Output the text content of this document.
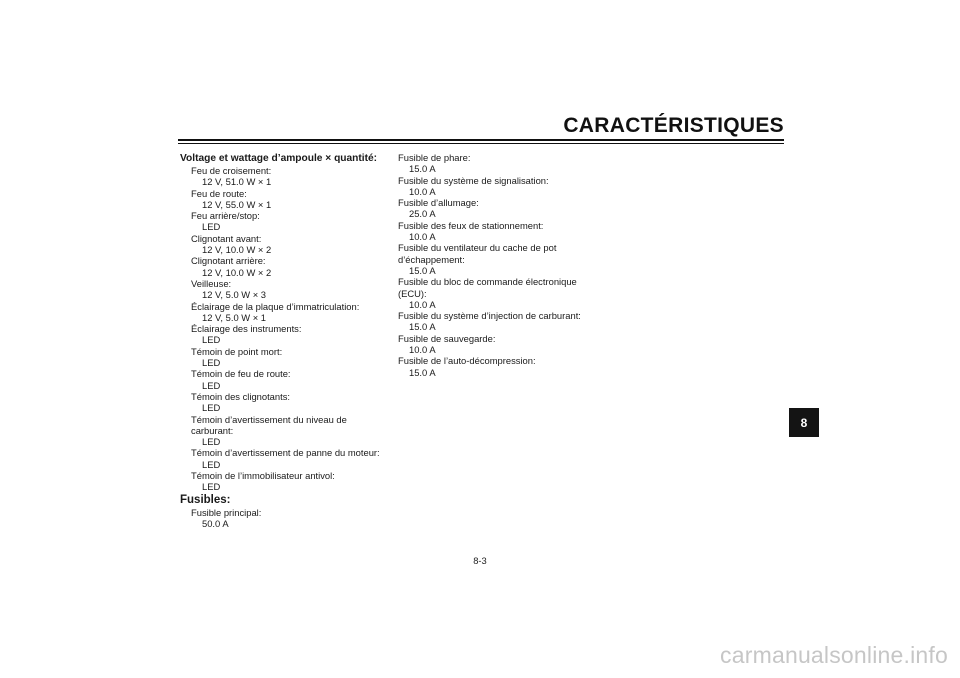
CARACTÉRISTIQUES
8
Voltage et wattage d’ampoule × quantité:
Feu de croisement:
12 V, 51.0 W × 1
Feu de route:
12 V, 55.0 W × 1
Feu arrière/stop:
LED
Clignotant avant:
12 V, 10.0 W × 2
Clignotant arrière:
12 V, 10.0 W × 2
Veilleuse:
12 V, 5.0 W × 3
Éclairage de la plaque d’immatriculation:
12 V, 5.0 W × 1
Éclairage des instruments:
LED
Témoin de point mort:
LED
Témoin de feu de route:
LED
Témoin des clignotants:
LED
Témoin d’avertissement du niveau de carburant:
LED
Témoin d’avertissement de panne du moteur:
LED
Témoin de l’immobilisateur antivol:
LED
Fusibles:
Fusible principal:
50.0 A
Fusible de phare:
15.0 A
Fusible du système de signalisation:
10.0 A
Fusible d’allumage:
25.0 A
Fusible des feux de stationnement:
10.0 A
Fusible du ventilateur du cache de pot d’échappement:
15.0 A
Fusible du bloc de commande électronique (ECU):
10.0 A
Fusible du système d’injection de carburant:
15.0 A
Fusible de sauvegarde:
10.0 A
Fusible de l’auto-décompression:
15.0 A
8-3
carmanualsonline.info
